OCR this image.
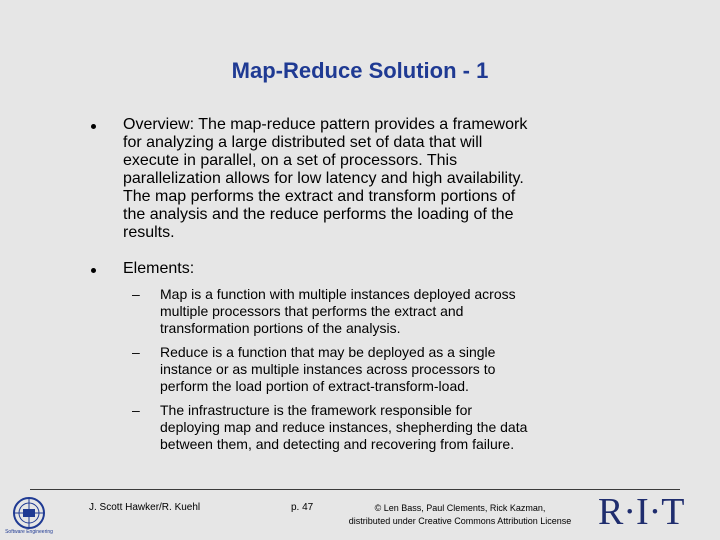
Map-Reduce Solution - 1
Overview: The map-reduce pattern provides a framework
for analyzing a large distributed set of data that will
execute in parallel, on a set of processors. This
parallelization allows for low latency and high availability.
The map performs the extract and transform portions of
the analysis and the reduce performs the loading of the
results.
Elements:
– Map is a function with multiple instances deployed across
multiple processors that performs the extract and
transformation portions of the analysis.
– Reduce is a function that may be deployed as a single
instance or as multiple instances across processors to
perform the load portion of extract-transform-load.
– The infrastructure is the framework responsible for
deploying map and reduce instances, shepherding the data
between them, and detecting and recovering from failure.
Software Engineering
J. Scott Hawker/R. Kuehl	p. 47	© Len Bass, Paul Clements, Rick Kazman,
distributed under Creative Commons Attribution License R·I·T
